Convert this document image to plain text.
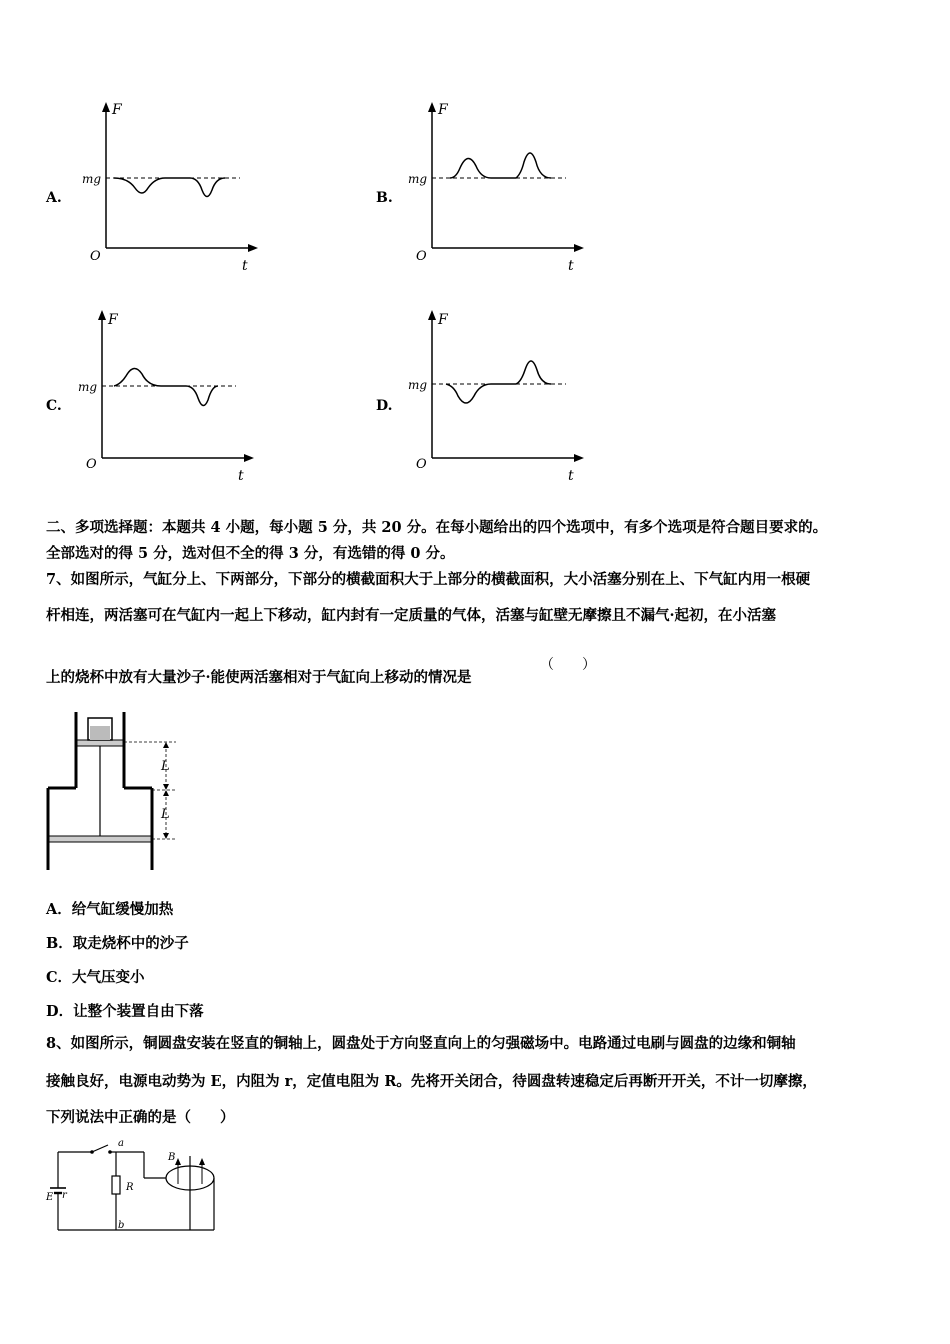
A.
F
t
O
mg
B.
F
t
O
mg
C.
F
t
O
mg
D.
F
t
O
mg
二、多项选择题：本题共 4 小题，每小题 5 分，共 20 分。在每小题给出的四个选项中，有多个选项是符合题目要求的。
全部选对的得 5 分，选对但不全的得 3 分，有选错的得 0 分。
7、如图所示，气缸分上、下两部分，下部分的横截面积大于上部分的横截面积，大小活塞分别在上、下气缸内用一根硬
杆相连，两活塞可在气缸内一起上下移动，缸内封有一定质量的气体，活塞与缸壁无摩擦且不漏气·起初，在小活塞
上的烧杯中放有大量沙子·能使两活塞相对于气缸向上移动的情况是
（　　）
L
L
A．给气缸缓慢加热
B．取走烧杯中的沙子
C．大气压变小
D．让整个装置自由下落
8、如图所示，铜圆盘安装在竖直的铜轴上，圆盘处于方向竖直向上的匀强磁场中。电路通过电刷与圆盘的边缘和铜轴
接触良好，电源电动势为 E，内阻为 r，定值电阻为 R。先将开关闭合，待圆盘转速稳定后再断开开关，不计一切摩擦，
下列说法中正确的是（　　）
E r
a
R
b
B
